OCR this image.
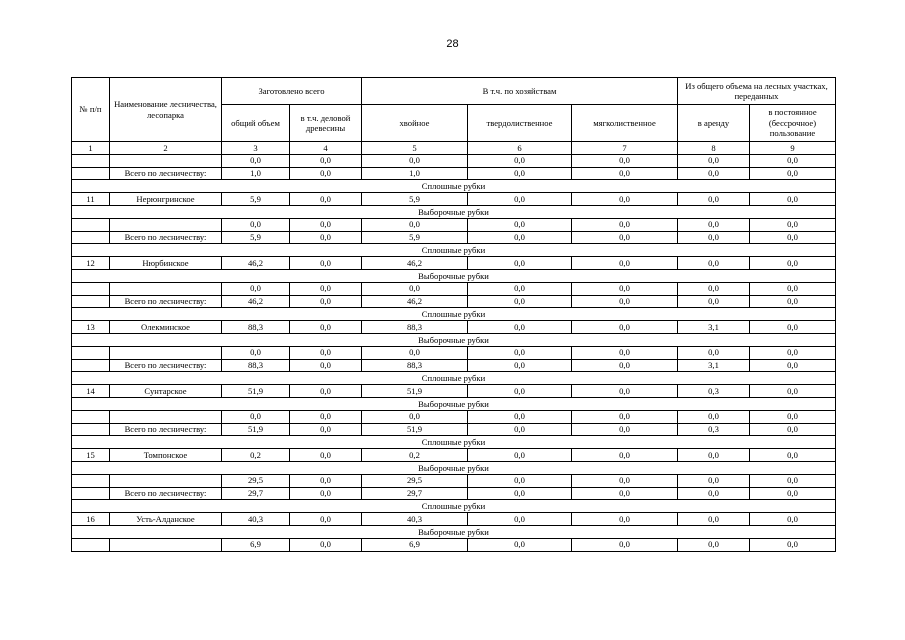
28
№ п/п	Наименование лесничества, лесопарка	Заготовлено всего		В т.ч. по хозяйствам			Из общего объема на лесных участках, переданных	
		общий объем	в т.ч. деловой древесины	хвойное	твердолиственное	мягколиственное	в аренду	в постоянное (бессрочное) пользование
1	2	3	4	5	6	7	8	9
		0,0	0,0	0,0	0,0	0,0	0,0	0,0
	Всего по лесничеству:	1,0	0,0	1,0	0,0	0,0	0,0	0,0
Сплошные рубки								
11	Нерюнгринское	5,9	0,0	5,9	0,0	0,0	0,0	0,0
Выборочные рубки								
		0,0	0,0	0,0	0,0	0,0	0,0	0,0
	Всего по лесничеству:	5,9	0,0	5,9	0,0	0,0	0,0	0,0
Сплошные рубки								
12	Нюрбинское	46,2	0,0	46,2	0,0	0,0	0,0	0,0
Выборочные рубки								
		0,0	0,0	0,0	0,0	0,0	0,0	0,0
	Всего по лесничеству:	46,2	0,0	46,2	0,0	0,0	0,0	0,0
Сплошные рубки								
13	Олекминское	88,3	0,0	88,3	0,0	0,0	3,1	0,0
Выборочные рубки								
		0,0	0,0	0,0	0,0	0,0	0,0	0,0
	Всего по лесничеству:	88,3	0,0	88,3	0,0	0,0	3,1	0,0
Сплошные рубки								
14	Сунтарское	51,9	0,0	51,9	0,0	0,0	0,3	0,0
Выборочные рубки								
		0,0	0,0	0,0	0,0	0,0	0,0	0,0
	Всего по лесничеству:	51,9	0,0	51,9	0,0	0,0	0,3	0,0
Сплошные рубки								
15	Томпонское	0,2	0,0	0,2	0,0	0,0	0,0	0,0
Выборочные рубки								
		29,5	0,0	29,5	0,0	0,0	0,0	0,0
	Всего по лесничеству:	29,7	0,0	29,7	0,0	0,0	0,0	0,0
Сплошные рубки								
16	Усть-Алданское	40,3	0,0	40,3	0,0	0,0	0,0	0,0
Выборочные рубки								
		6,9	0,0	6,9	0,0	0,0	0,0	0,0
